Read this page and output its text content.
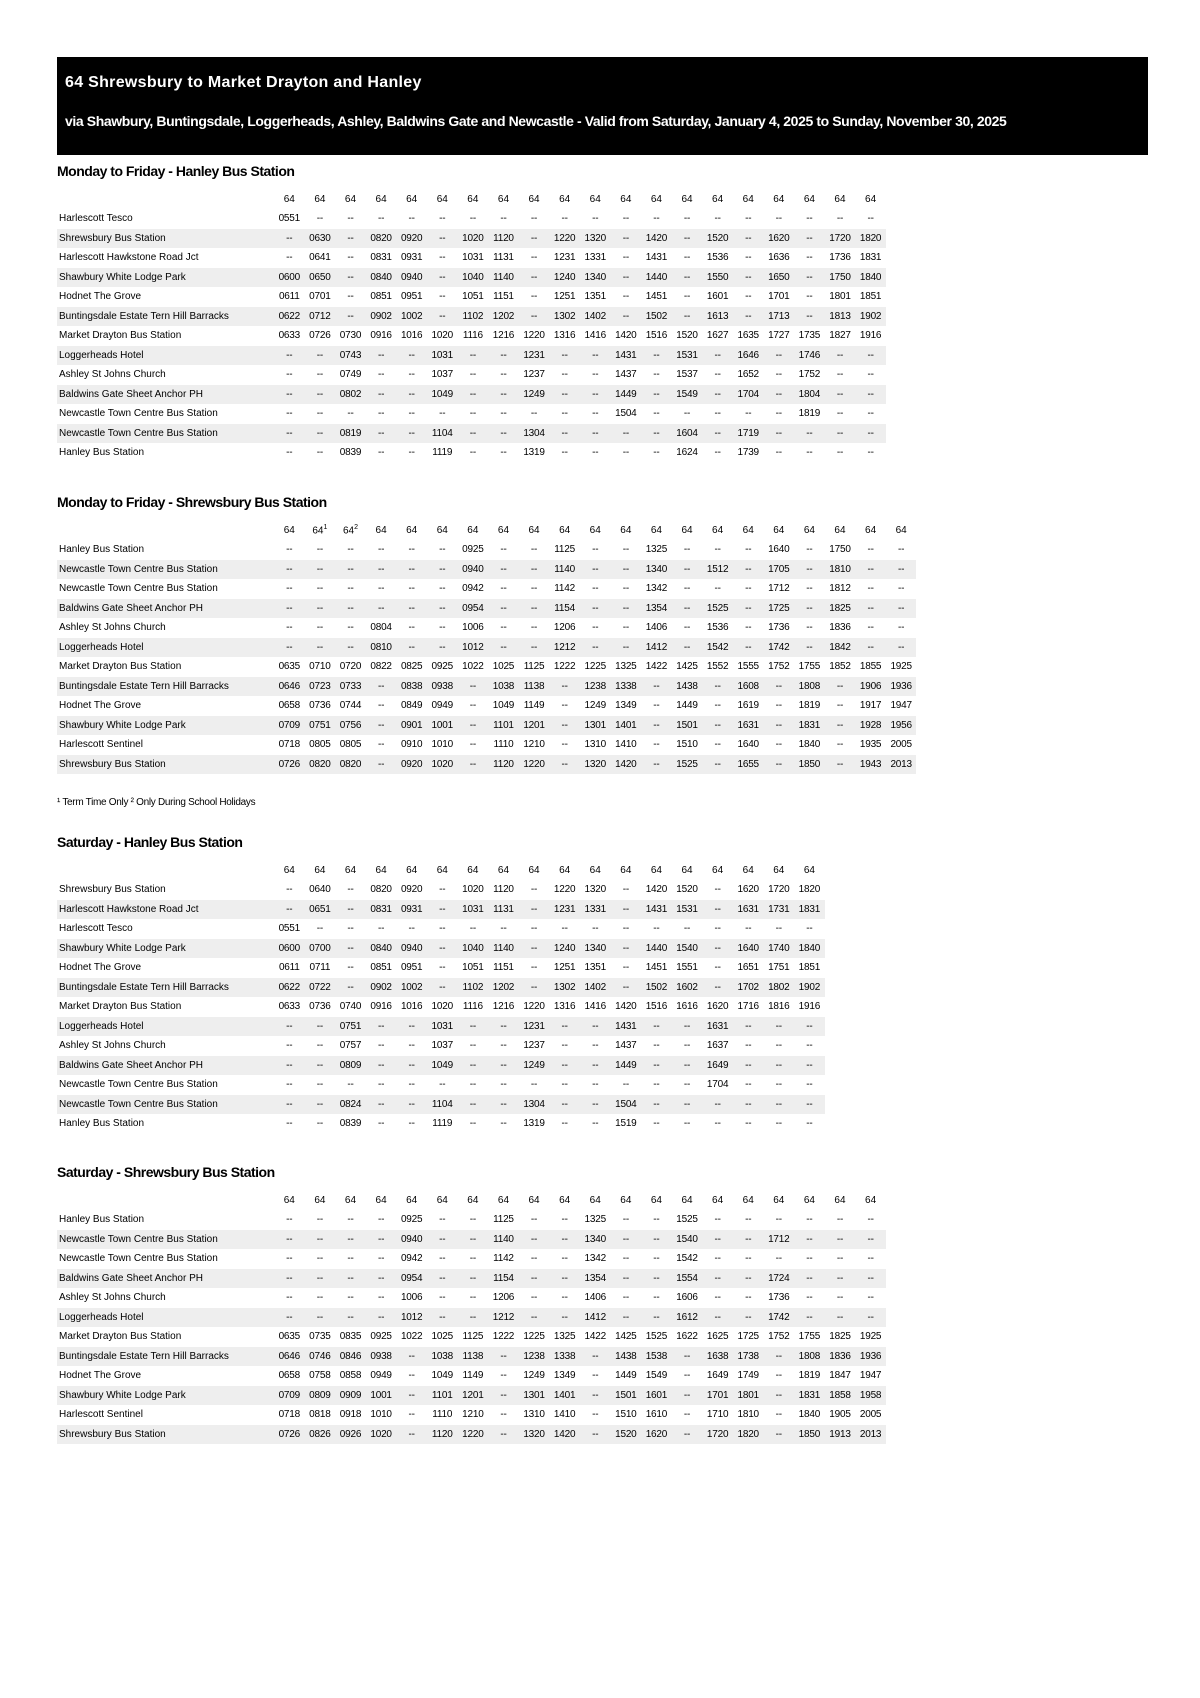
64 Shrewsbury to Market Drayton and Hanley
via Shawbury, Buntingsdale, Loggerheads, Ashley, Baldwins Gate and Newcastle - Valid from Saturday, January 4, 2025 to Sunday, November 30, 2025
Monday to Friday - Hanley Bus Station
	64	64	64	64	64	64	64	64	64	64	64	64	64	64	64	64	64	64	64	64
Harlescott Tesco	0551	--	--	--	--	--	--	--	--	--	--	--	--	--	--	--	--	--	--	--
Shrewsbury Bus Station	--	0630	--	0820	0920	--	1020	1120	--	1220	1320	--	1420	--	1520	--	1620	--	1720	1820
Harlescott Hawkstone Road Jct	--	0641	--	0831	0931	--	1031	1131	--	1231	1331	--	1431	--	1536	--	1636	--	1736	1831
Shawbury White Lodge Park	0600	0650	--	0840	0940	--	1040	1140	--	1240	1340	--	1440	--	1550	--	1650	--	1750	1840
Hodnet The Grove	0611	0701	--	0851	0951	--	1051	1151	--	1251	1351	--	1451	--	1601	--	1701	--	1801	1851
Buntingsdale Estate Tern Hill Barracks	0622	0712	--	0902	1002	--	1102	1202	--	1302	1402	--	1502	--	1613	--	1713	--	1813	1902
Market Drayton Bus Station	0633	0726	0730	0916	1016	1020	1116	1216	1220	1316	1416	1420	1516	1520	1627	1635	1727	1735	1827	1916
Loggerheads Hotel	--	--	0743	--	--	1031	--	--	1231	--	--	1431	--	1531	--	1646	--	1746	--	--
Ashley St Johns Church	--	--	0749	--	--	1037	--	--	1237	--	--	1437	--	1537	--	1652	--	1752	--	--
Baldwins Gate Sheet Anchor PH	--	--	0802	--	--	1049	--	--	1249	--	--	1449	--	1549	--	1704	--	1804	--	--
Newcastle Town Centre Bus Station	--	--	--	--	--	--	--	--	--	--	--	1504	--	--	--	--	--	1819	--	--
Newcastle Town Centre Bus Station	--	--	0819	--	--	1104	--	--	1304	--	--	--	--	1604	--	1719	--	--	--	--
Hanley Bus Station	--	--	0839	--	--	1119	--	--	1319	--	--	--	--	1624	--	1739	--	--	--	--
Monday to Friday - Shrewsbury Bus Station
	64	$64^1$	$64^2$	64	64	64	64	64	64	64	64	64	64	64	64	64	64	64	64	64	64
Hanley Bus Station	--	--	--	--	--	--	0925	--	--	1125	--	--	1325	--	--	--	1640	--	1750	--	--
Newcastle Town Centre Bus Station	--	--	--	--	--	--	0940	--	--	1140	--	--	1340	--	1512	--	1705	--	1810	--	--
Newcastle Town Centre Bus Station	--	--	--	--	--	--	0942	--	--	1142	--	--	1342	--	--	--	1712	--	1812	--	--
Baldwins Gate Sheet Anchor PH	--	--	--	--	--	--	0954	--	--	1154	--	--	1354	--	1525	--	1725	--	1825	--	--
Ashley St Johns Church	--	--	--	0804	--	--	1006	--	--	1206	--	--	1406	--	1536	--	1736	--	1836	--	--
Loggerheads Hotel	--	--	--	0810	--	--	1012	--	--	1212	--	--	1412	--	1542	--	1742	--	1842	--	--
Market Drayton Bus Station	0635	0710	0720	0822	0825	0925	1022	1025	1125	1222	1225	1325	1422	1425	1552	1555	1752	1755	1852	1855	1925
Buntingsdale Estate Tern Hill Barracks	0646	0723	0733	--	0838	0938	--	1038	1138	--	1238	1338	--	1438	--	1608	--	1808	--	1906	1936
Hodnet The Grove	0658	0736	0744	--	0849	0949	--	1049	1149	--	1249	1349	--	1449	--	1619	--	1819	--	1917	1947
Shawbury White Lodge Park	0709	0751	0756	--	0901	1001	--	1101	1201	--	1301	1401	--	1501	--	1631	--	1831	--	1928	1956
Harlescott Sentinel	0718	0805	0805	--	0910	1010	--	1110	1210	--	1310	1410	--	1510	--	1640	--	1840	--	1935	2005
Shrewsbury Bus Station	0726	0820	0820	--	0920	1020	--	1120	1220	--	1320	1420	--	1525	--	1655	--	1850	--	1943	2013
¹ Term Time Only ² Only During School Holidays
Saturday - Hanley Bus Station
	64	64	64	64	64	64	64	64	64	64	64	64	64	64	64	64	64	64
Shrewsbury Bus Station	--	0640	--	0820	0920	--	1020	1120	--	1220	1320	--	1420	1520	--	1620	1720	1820
Harlescott Hawkstone Road Jct	--	0651	--	0831	0931	--	1031	1131	--	1231	1331	--	1431	1531	--	1631	1731	1831
Harlescott Tesco	0551	--	--	--	--	--	--	--	--	--	--	--	--	--	--	--	--	--
Shawbury White Lodge Park	0600	0700	--	0840	0940	--	1040	1140	--	1240	1340	--	1440	1540	--	1640	1740	1840
Hodnet The Grove	0611	0711	--	0851	0951	--	1051	1151	--	1251	1351	--	1451	1551	--	1651	1751	1851
Buntingsdale Estate Tern Hill Barracks	0622	0722	--	0902	1002	--	1102	1202	--	1302	1402	--	1502	1602	--	1702	1802	1902
Market Drayton Bus Station	0633	0736	0740	0916	1016	1020	1116	1216	1220	1316	1416	1420	1516	1616	1620	1716	1816	1916
Loggerheads Hotel	--	--	0751	--	--	1031	--	--	1231	--	--	1431	--	--	1631	--	--	--
Ashley St Johns Church	--	--	0757	--	--	1037	--	--	1237	--	--	1437	--	--	1637	--	--	--
Baldwins Gate Sheet Anchor PH	--	--	0809	--	--	1049	--	--	1249	--	--	1449	--	--	1649	--	--	--
Newcastle Town Centre Bus Station	--	--	--	--	--	--	--	--	--	--	--	--	--	--	1704	--	--	--
Newcastle Town Centre Bus Station	--	--	0824	--	--	1104	--	--	1304	--	--	1504	--	--	--	--	--	--
Hanley Bus Station	--	--	0839	--	--	1119	--	--	1319	--	--	1519	--	--	--	--	--	--
Saturday - Shrewsbury Bus Station
	64	64	64	64	64	64	64	64	64	64	64	64	64	64	64	64	64	64	64	64
Hanley Bus Station	--	--	--	--	0925	--	--	1125	--	--	1325	--	--	1525	--	--	--	--	--	--
Newcastle Town Centre Bus Station	--	--	--	--	0940	--	--	1140	--	--	1340	--	--	1540	--	--	1712	--	--	--
Newcastle Town Centre Bus Station	--	--	--	--	0942	--	--	1142	--	--	1342	--	--	1542	--	--	--	--	--	--
Baldwins Gate Sheet Anchor PH	--	--	--	--	0954	--	--	1154	--	--	1354	--	--	1554	--	--	1724	--	--	--
Ashley St Johns Church	--	--	--	--	1006	--	--	1206	--	--	1406	--	--	1606	--	--	1736	--	--	--
Loggerheads Hotel	--	--	--	--	1012	--	--	1212	--	--	1412	--	--	1612	--	--	1742	--	--	--
Market Drayton Bus Station	0635	0735	0835	0925	1022	1025	1125	1222	1225	1325	1422	1425	1525	1622	1625	1725	1752	1755	1825	1925
Buntingsdale Estate Tern Hill Barracks	0646	0746	0846	0938	--	1038	1138	--	1238	1338	--	1438	1538	--	1638	1738	--	1808	1836	1936
Hodnet The Grove	0658	0758	0858	0949	--	1049	1149	--	1249	1349	--	1449	1549	--	1649	1749	--	1819	1847	1947
Shawbury White Lodge Park	0709	0809	0909	1001	--	1101	1201	--	1301	1401	--	1501	1601	--	1701	1801	--	1831	1858	1958
Harlescott Sentinel	0718	0818	0918	1010	--	1110	1210	--	1310	1410	--	1510	1610	--	1710	1810	--	1840	1905	2005
Shrewsbury Bus Station	0726	0826	0926	1020	--	1120	1220	--	1320	1420	--	1520	1620	--	1720	1820	--	1850	1913	2013
